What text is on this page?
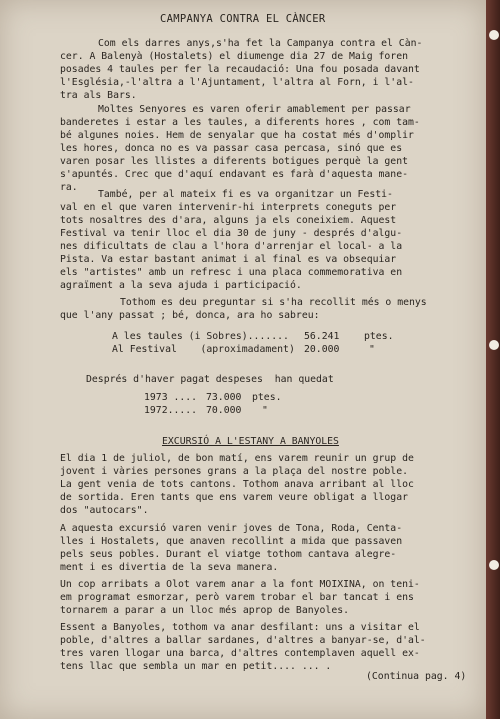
CAMPANYA CONTRA EL CÀNCER
Com els darres anys,s'ha fet la Campanya contra el Càn-
cer. A Balenyà (Hostalets) el diumenge dia 27 de Maig foren
posades 4 taules per fer la recaudació: Una fou posada davant
l'Església,-l'altra a l'Ajuntament, l'altra al Forn, i l'al-
tra als Bars.
Moltes Senyores es varen oferir amablement per passar
banderetes i estar a les taules, a diferents hores , com tam-
bé algunes noies. Hem de senyalar que ha costat més d'omplir
les hores, donca no es va passar casa percasa, sinó que es
varen posar les llistes a diferents botigues perquè la gent
s'apuntés. Crec que d'aquí endavant es farà d'aquesta mane-
ra.
També, per al mateix fi es va organitzar un Festi-
val en el que varen intervenir-hi interprets coneguts per
tots nosaltres des d'ara, alguns ja els coneixiem. Aquest
Festival va tenir lloc el dia 30 de juny - després d'algu-
nes dificultats de clau a l'hora d'arrenjar el local- a la
Pista. Va estar bastant animat i al final es va obsequiar
els "artistes" amb un refresc i una placa commemorativa en
agraïment a la seva ajuda i participació.
Tothom es deu preguntar si s'ha recollit més o menys
que l'any passat ; bé, donca, ara ho sabreu:
A les taules (i Sobres)....... 56.241	ptes.
Al Festival    (aproximadament) 20.000	"
Després d'haver pagat despeses  han quedat
1973 .... 73.000 ptes.
1972..... 70.000 "
EXCURSIÓ A L'ESTANY A BANYOLES
El dia 1 de juliol, de bon matí, ens varem reunir un grup de
jovent i vàries persones grans a la plaça del nostre poble.
La gent venia de tots cantons. Tothom anava arribant al lloc
de sortida. Eren tants que ens varem veure obligat a llogar
dos "autocars".
A aquesta excursió varen venir joves de Tona, Roda, Centa-
lles i Hostalets, que anaven recollint a mida que passaven
pels seus pobles. Durant el viatge tothom cantava alegre-
ment i es divertia de la seva manera.
Un cop arribats a Olot varem anar a la font MOIXINA, on teni-
em programat esmorzar, però varem trobar el bar tancat i ens
tornarem a parar a un lloc més aprop de Banyoles.
Essent a Banyoles, tothom va anar desfilant: uns a visitar el
poble, d'altres a ballar sardanes, d'altres a banyar-se, d'al-
tres varen llogar una barca, d'altres contemplaven aquell ex-
tens llac que sembla un mar en petit.... ... .
(Continua pag. 4)
